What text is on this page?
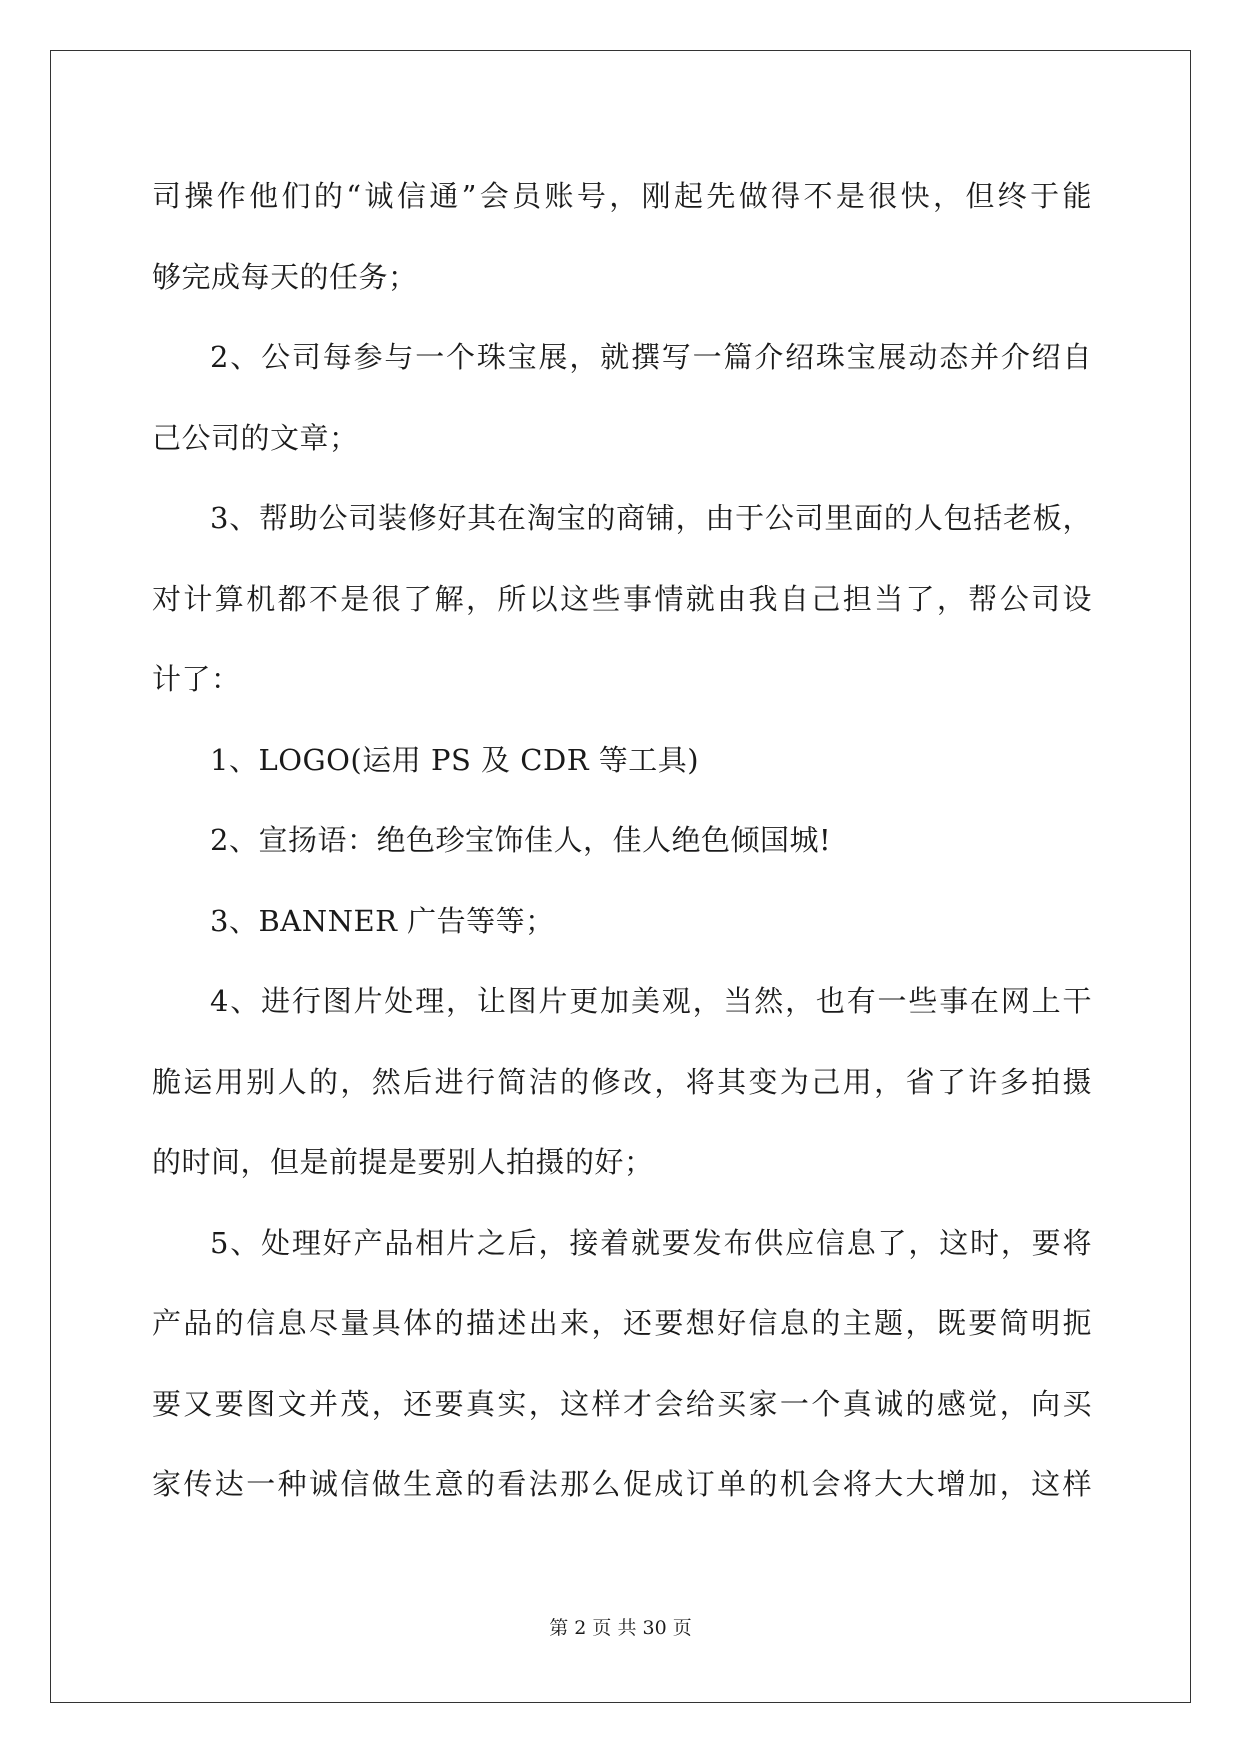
司操作他们的“诚信通”会员账号，刚起先做得不是很快，但终于能
够完成每天的任务；
2、公司每参与一个珠宝展，就撰写一篇介绍珠宝展动态并介绍自
己公司的文章；
3、帮助公司装修好其在淘宝的商铺，由于公司里面的人包括老板，
对计算机都不是很了解，所以这些事情就由我自己担当了，帮公司设
计了：
1、LOGO(运用 PS 及 CDR 等工具)
2、宣扬语：绝色珍宝饰佳人，佳人绝色倾国城!
3、BANNER 广告等等；
4、进行图片处理，让图片更加美观，当然，也有一些事在网上干
脆运用别人的，然后进行简洁的修改，将其变为己用，省了许多拍摄
的时间，但是前提是要别人拍摄的好；
5、处理好产品相片之后，接着就要发布供应信息了，这时，要将
产品的信息尽量具体的描述出来，还要想好信息的主题，既要简明扼
要又要图文并茂，还要真实，这样才会给买家一个真诚的感觉，向买
家传达一种诚信做生意的看法那么促成订单的机会将大大增加，这样
第 2 页 共 30 页
